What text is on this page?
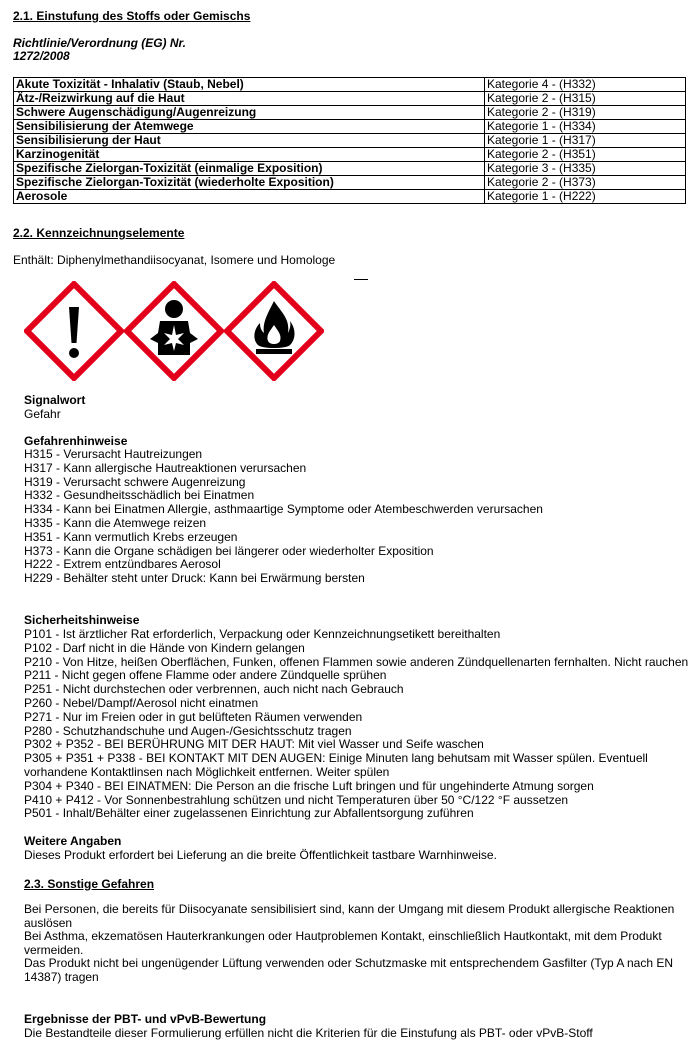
2.1. Einstufung des Stoffs oder Gemischs
Richtlinie/Verordnung (EG) Nr.
1272/2008
Akute Toxizität - Inhalativ (Staub, Nebel)	Kategorie 4 - (H332)
Ätz-/Reizwirkung auf die Haut	Kategorie 2 - (H315)
Schwere Augenschädigung/Augenreizung	Kategorie 2 - (H319)
Sensibilisierung der Atemwege	Kategorie 1 - (H334)
Sensibilisierung der Haut	Kategorie 1 - (H317)
Karzinogenität	Kategorie 2 - (H351)
Spezifische Zielorgan-Toxizität (einmalige Exposition)	Kategorie 3 - (H335)
Spezifische Zielorgan-Toxizität (wiederholte Exposition)	Kategorie 2 - (H373)
Aerosole	Kategorie 1 - (H222)
2.2. Kennzeichnungselemente
Enthält: Diphenylmethandiisocyanat, Isomere und Homologe
Signalwort
Gefahr
Gefahrenhinweise
H315 - Verursacht Hautreizungen
H317 - Kann allergische Hautreaktionen verursachen
H319 - Verursacht schwere Augenreizung
H332 - Gesundheitsschädlich bei Einatmen
H334 - Kann bei Einatmen Allergie, asthmaartige Symptome oder Atembeschwerden verursachen
H335 - Kann die Atemwege reizen
H351 - Kann vermutlich Krebs erzeugen
H373 - Kann die Organe schädigen bei längerer oder wiederholter Exposition
H222 - Extrem entzündbares Aerosol
H229 - Behälter steht unter Druck: Kann bei Erwärmung bersten
Sicherheitshinweise
P101 - Ist ärztlicher Rat erforderlich, Verpackung oder Kennzeichnungsetikett bereithalten
P102 - Darf nicht in die Hände von Kindern gelangen
P210 - Von Hitze, heißen Oberflächen, Funken, offenen Flammen sowie anderen Zündquellenarten fernhalten. Nicht rauchen
P211 - Nicht gegen offene Flamme oder andere Zündquelle sprühen
P251 - Nicht durchstechen oder verbrennen, auch nicht nach Gebrauch
P260 - Nebel/Dampf/Aerosol nicht einatmen
P271 - Nur im Freien oder in gut belüfteten Räumen verwenden
P280 - Schutzhandschuhe und Augen-/Gesichtsschutz tragen
P302 + P352 - BEI BERÜHRUNG MIT DER HAUT: Mit viel Wasser und Seife waschen
P305 + P351 + P338 - BEI KONTAKT MIT DEN AUGEN: Einige Minuten lang behutsam mit Wasser spülen. Eventuell
vorhandene Kontaktlinsen nach Möglichkeit entfernen. Weiter spülen
P304 + P340 - BEI EINATMEN: Die Person an die frische Luft bringen und für ungehinderte Atmung sorgen
P410 + P412 - Vor Sonnenbestrahlung schützen und nicht Temperaturen über 50 °C/122 °F aussetzen
P501 - Inhalt/Behälter einer zugelassenen Einrichtung zur Abfallentsorgung zuführen
Weitere Angaben
Dieses Produkt erfordert bei Lieferung an die breite Öffentlichkeit tastbare Warnhinweise.
2.3. Sonstige Gefahren
Bei Personen, die bereits für Diisocyanate sensibilisiert sind, kann der Umgang mit diesem Produkt allergische Reaktionen
auslösen
Bei Asthma, ekzematösen Hauterkrankungen oder Hautproblemen Kontakt, einschließlich Hautkontakt, mit dem Produkt
vermeiden.
Das Produkt nicht bei ungenügender Lüftung verwenden oder Schutzmaske mit entsprechendem Gasfilter (Typ A nach EN
14387) tragen
Ergebnisse der PBT- und vPvB-Bewertung
Die Bestandteile dieser Formulierung erfüllen nicht die Kriterien für die Einstufung als PBT- oder vPvB-Stoff
